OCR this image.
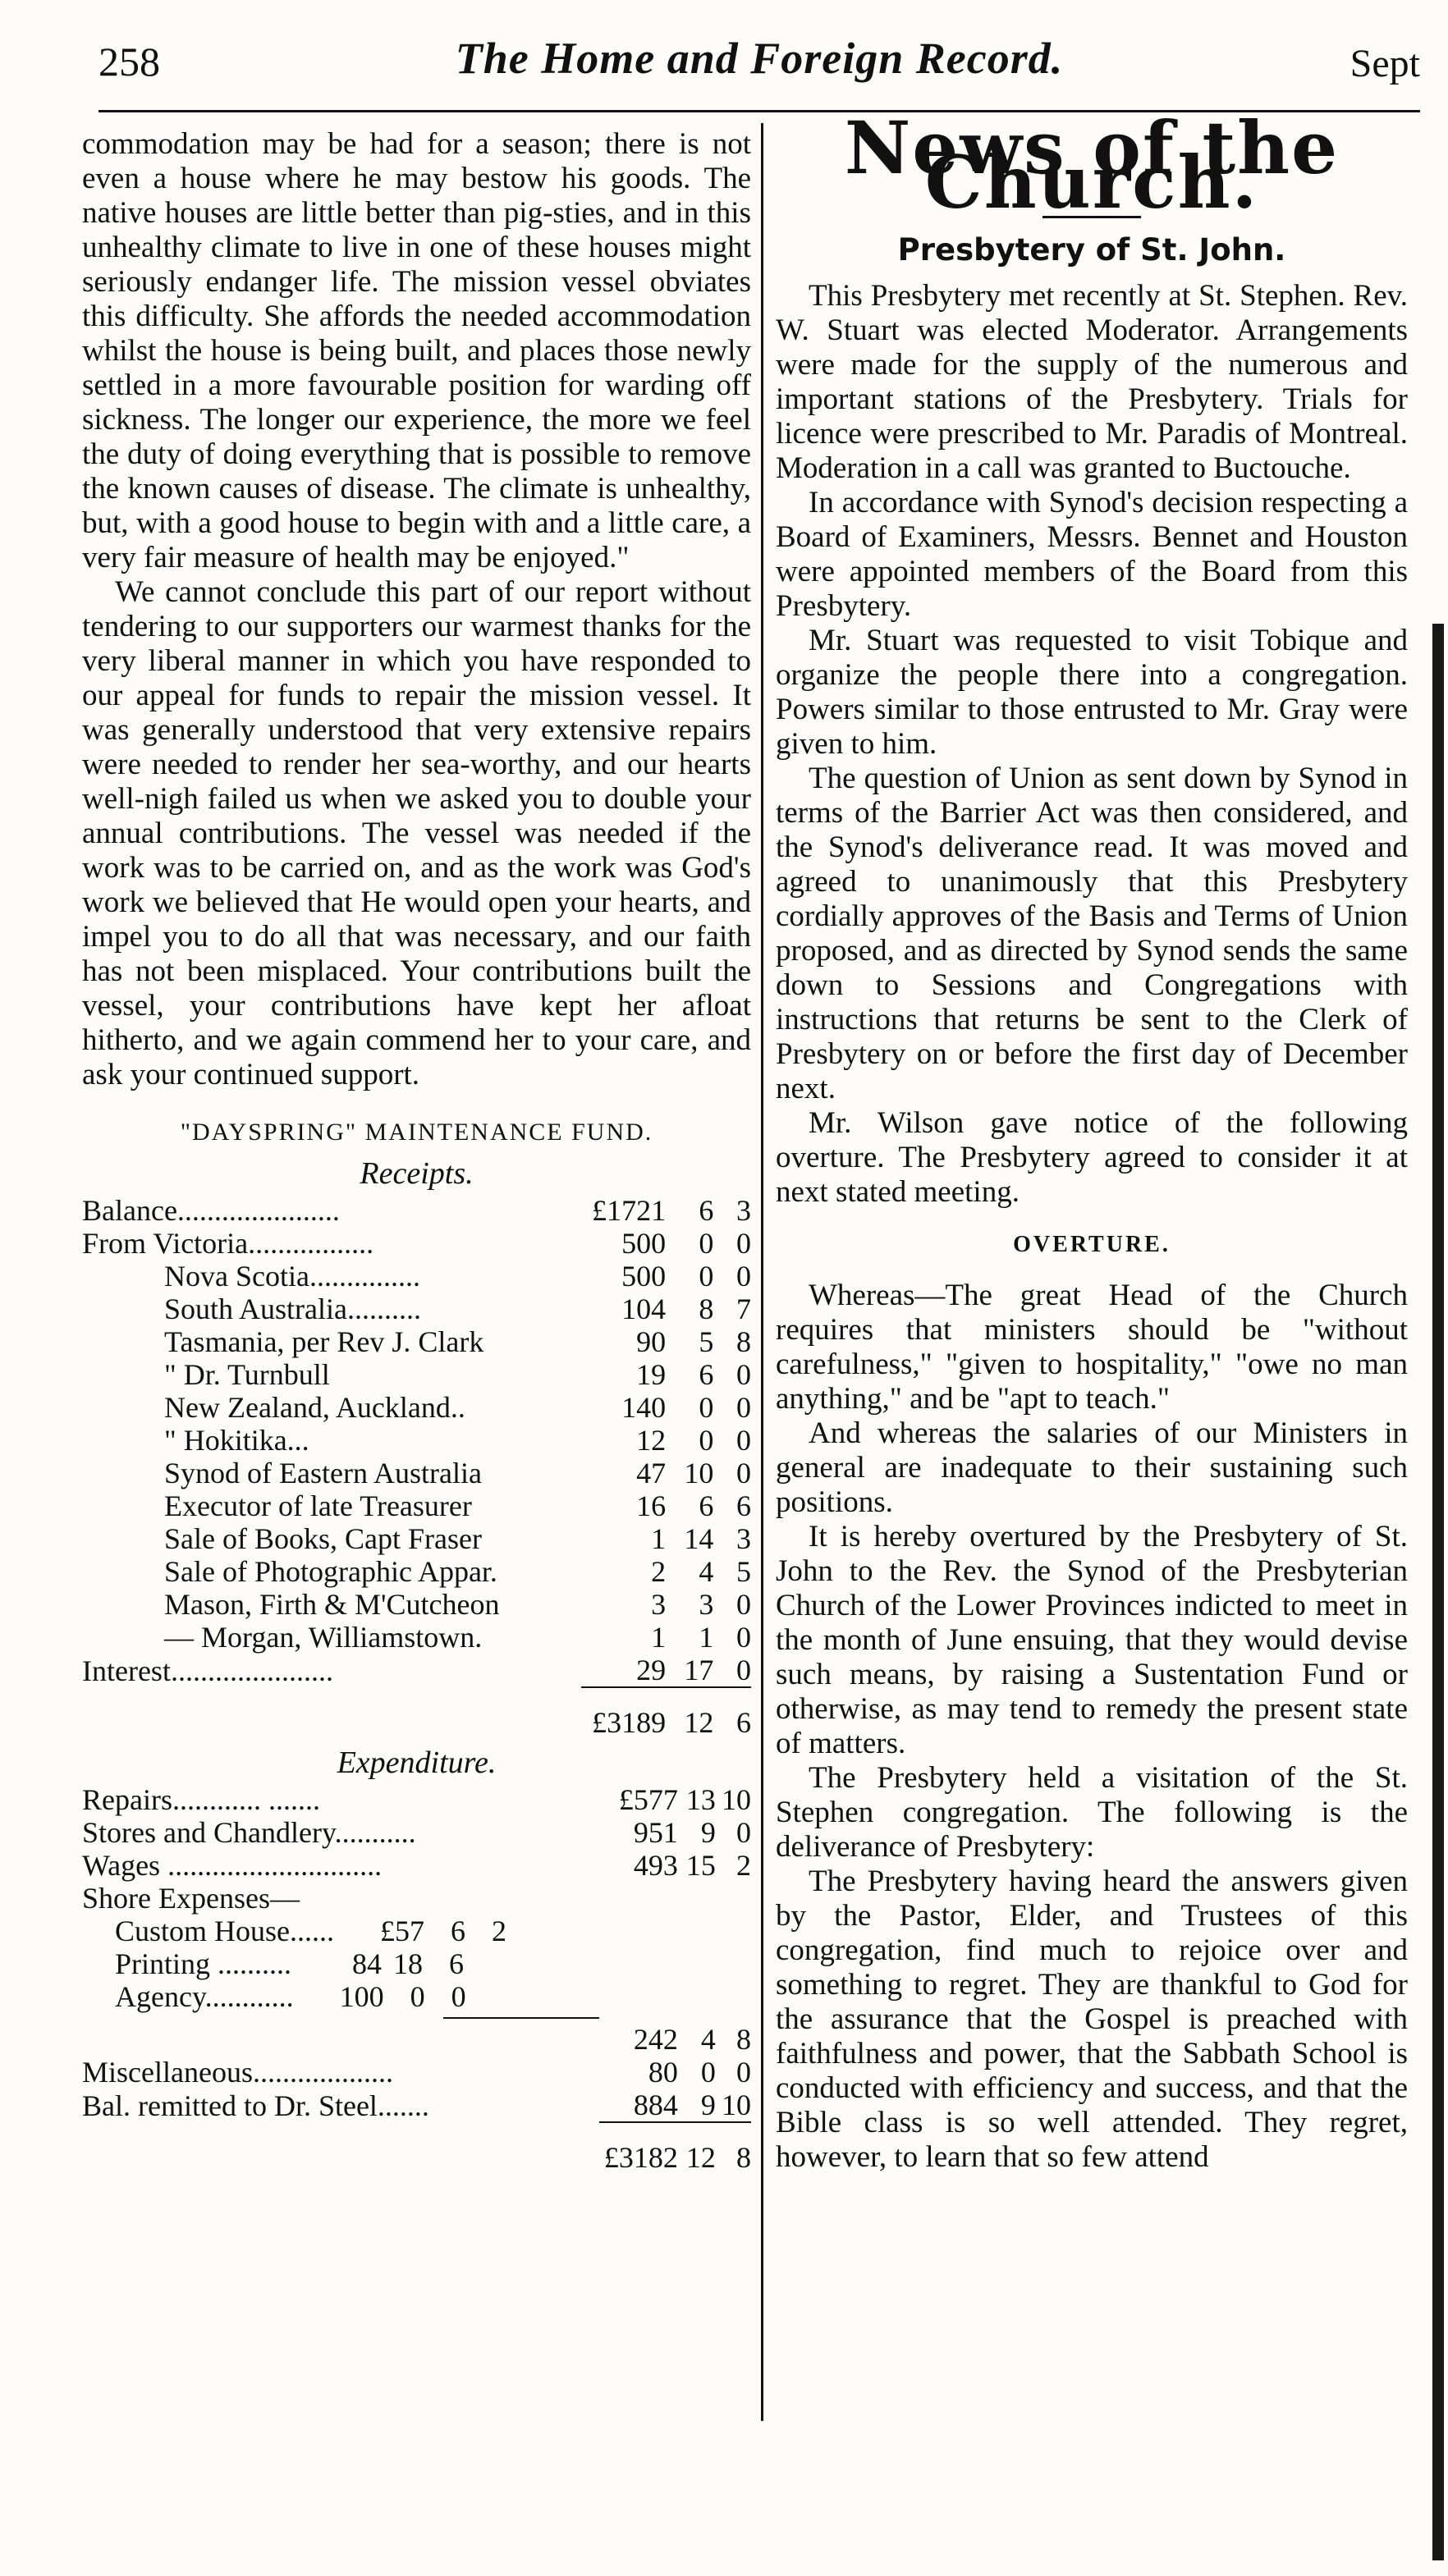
258	The Home and Foreign Record.	Sept

commodation may be had for a season; there is not even a house where he may bestow his goods. The native houses are little better than pig-sties, and in this unhealthy climate to live in one of these houses might seriously endanger life. The mission vessel obviates this difficulty. She affords the needed accommodation whilst the house is being built, and places those newly settled in a more favourable position for warding off sickness. The longer our experience, the more we feel the duty of doing everything that is possible to remove the known causes of disease. The climate is unhealthy, but, with a good house to begin with and a little care, a very fair measure of health may be enjoyed."

We cannot conclude this part of our report without tendering to our supporters our warmest thanks for the very liberal manner in which you have responded to our appeal for funds to repair the mission vessel. It was generally understood that very extensive repairs were needed to render her sea-worthy, and our hearts well-nigh failed us when we asked you to double your annual contributions. The vessel was needed if the work was to be carried on, and as the work was God's work we believed that He would open your hearts, and impel you to do all that was necessary, and our faith has not been misplaced. Your contributions built the vessel, your contributions have kept her afloat hitherto, and we again commend her to your care, and ask your continued support.

"DAYSPRING" MAINTENANCE FUND.
Receipts.
Balance......................	£1721	6	3
From Victoria.................	500	0	0
Nova Scotia...............	500	0	0
South Australia..........	104	8	7
Tasmania, per Rev J. Clark	90	5	8
" Dr. Turnbull	19	6	0
New Zealand, Auckland..	140	0	0
" Hokitika...	12	0	0
Synod of Eastern Australia	47	10	0
Executor of late Treasurer	16	6	6
Sale of Books, Capt Fraser	1	14	3
Sale of Photographic Appar.	2	4	5
Mason, Firth & M'Cutcheon	3	3	0
— Morgan, Williamstown.	1	1	0
Interest......................	29	17	0

	£3189	12	6
Expenditure.
Repairs............ .......	£577	13	10
Stores and Chandlery...........	951	9	0
Wages .............................	493	15	2
Shore Expenses—			
Custom House...... £57 6 2			
Printing .......... 84 18 6			
Agency............ 100 0 0			

	242	4	8
Miscellaneous...................	80	0	0
Bal. remitted to Dr. Steel.......	884	9	10

	£3182	12	8
News of the Church.
Presbytery of St. John.

This Presbytery met recently at St. Stephen. Rev. W. Stuart was elected Moderator. Arrangements were made for the supply of the numerous and important stations of the Presbytery. Trials for licence were prescribed to Mr. Paradis of Montreal. Moderation in a call was granted to Buctouche.

In accordance with Synod's decision respecting a Board of Examiners, Messrs. Bennet and Houston were appointed members of the Board from this Presbytery.

Mr. Stuart was requested to visit Tobique and organize the people there into a congregation. Powers similar to those entrusted to Mr. Gray were given to him.

The question of Union as sent down by Synod in terms of the Barrier Act was then considered, and the Synod's deliverance read. It was moved and agreed to unanimously that this Presbytery cordially approves of the Basis and Terms of Union proposed, and as directed by Synod sends the same down to Sessions and Congregations with instructions that returns be sent to the Clerk of Presbytery on or before the first day of December next.

Mr. Wilson gave notice of the following overture. The Presbytery agreed to consider it at next stated meeting.

OVERTURE.

Whereas—The great Head of the Church requires that ministers should be "without carefulness," "given to hospitality," "owe no man anything," and be "apt to teach."

And whereas the salaries of our Ministers in general are inadequate to their sustaining such positions.

It is hereby overtured by the Presbytery of St. John to the Rev. the Synod of the Presbyterian Church of the Lower Provinces indicted to meet in the month of June ensuing, that they would devise such means, by raising a Sustentation Fund or otherwise, as may tend to remedy the present state of matters.

The Presbytery held a visitation of the St. Stephen congregation. The following is the deliverance of Presbytery:

The Presbytery having heard the answers given by the Pastor, Elder, and Trustees of this congregation, find much to rejoice over and something to regret. They are thankful to God for the assurance that the Gospel is preached with faithfulness and power, that the Sabbath School is conducted with efficiency and success, and that the Bible class is so well attended. They regret, however, to learn that so few attend
